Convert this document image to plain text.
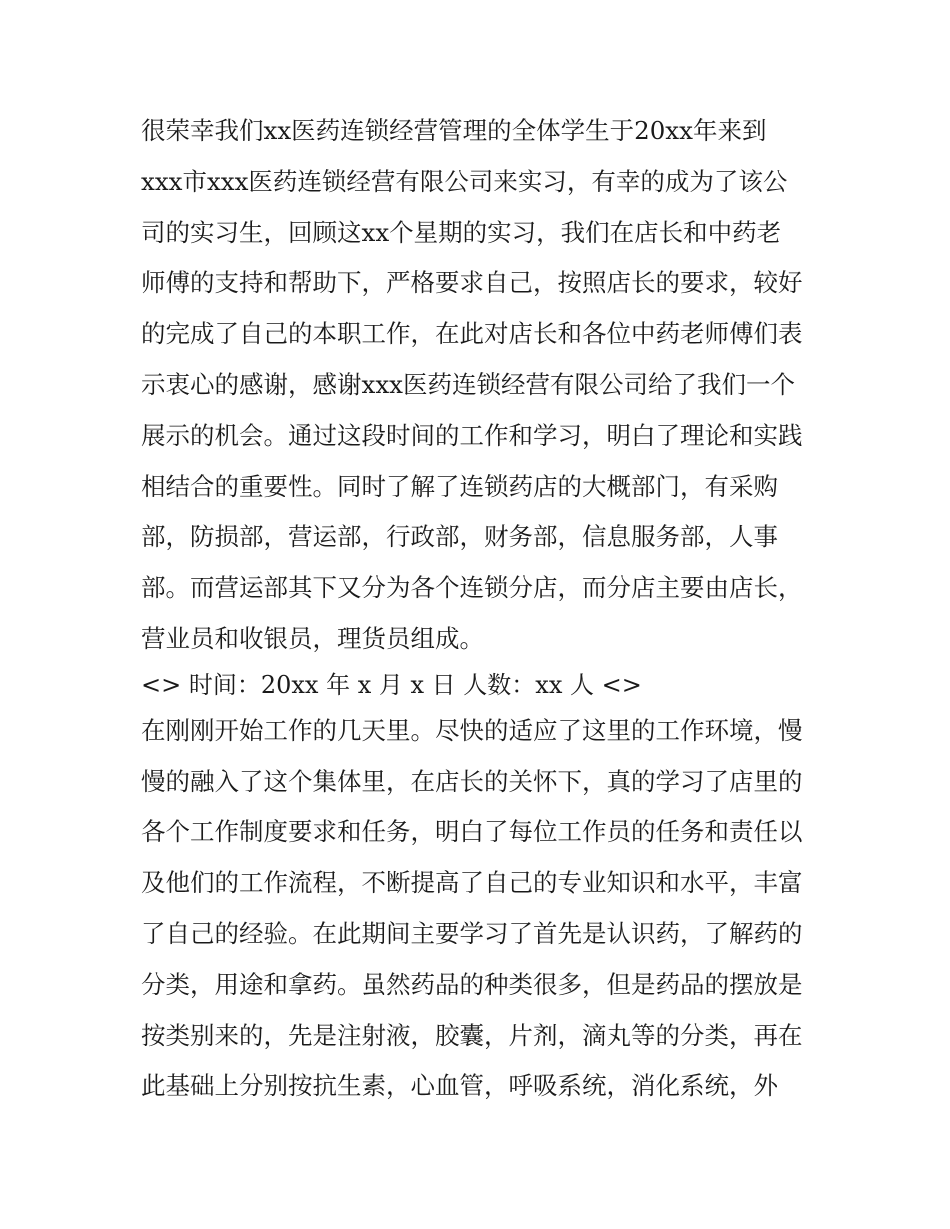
很荣幸我们xx医药连锁经营管理的全体学生于20xx年来到
xxx市xxx医药连锁经营有限公司来实习，有幸的成为了该公
司的实习生，回顾这xx个星期的实习，我们在店长和中药老
师傅的支持和帮助下，严格要求自己，按照店长的要求，较好
的完成了自己的本职工作，在此对店长和各位中药老师傅们表
示衷心的感谢，感谢xxx医药连锁经营有限公司给了我们一个
展示的机会。通过这段时间的工作和学习，明白了理论和实践
相结合的重要性。同时了解了连锁药店的大概部门，有采购
部，防损部，营运部，行政部，财务部，信息服务部，人事
部。而营运部其下又分为各个连锁分店，而分店主要由店长，
营业员和收银员，理货员组成。
<> 时间：20xx 年 x 月 x 日 人数：xx 人 <>
在刚刚开始工作的几天里。尽快的适应了这里的工作环境，慢
慢的融入了这个集体里，在店长的关怀下，真的学习了店里的
各个工作制度要求和任务，明白了每位工作员的任务和责任以
及他们的工作流程，不断提高了自己的专业知识和水平，丰富
了自己的经验。在此期间主要学习了首先是认识药，了解药的
分类，用途和拿药。虽然药品的种类很多，但是药品的摆放是
按类别来的，先是注射液，胶囊，片剂，滴丸等的分类，再在
此基础上分别按抗生素，心血管，呼吸系统，消化系统，外
